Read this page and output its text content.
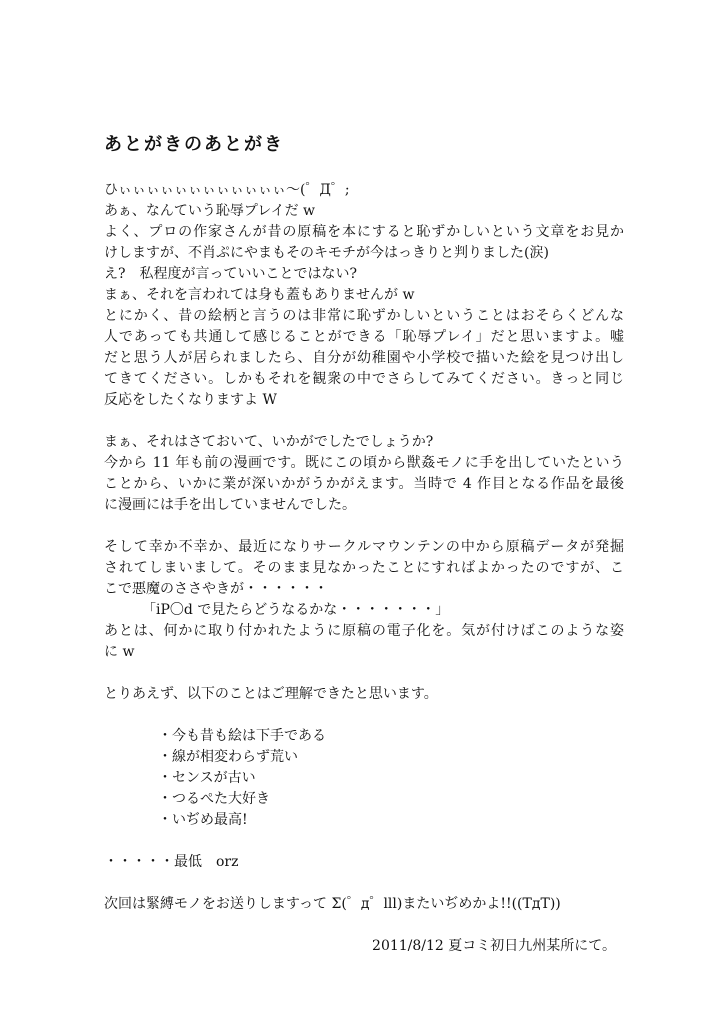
あとがきのあとがき
ひぃぃぃぃぃぃぃぃぃぃぃぃ〜(゜Д゜;
あぁ、なんていう恥辱プレイだ w
よく、プロの作家さんが昔の原稿を本にすると恥ずかしいという文章をお見か
けしますが、不肖ぷにやまもそのキモチが今はっきりと判りました(涙)
え?　私程度が言っていいことではない?
まぁ、それを言われては身も蓋もありませんが w
とにかく、昔の絵柄と言うのは非常に恥ずかしいということはおそらくどんな
人であっても共通して感じることができる「恥辱プレイ」だと思いますよ。嘘
だと思う人が居られましたら、自分が幼稚園や小学校で描いた絵を見つけ出し
てきてください。しかもそれを観衆の中でさらしてみてください。きっと同じ
反応をしたくなりますよ W
まぁ、それはさておいて、いかがでしたでしょうか?
今から 11 年も前の漫画です。既にこの頃から獣姦モノに手を出していたという
ことから、いかに業が深いかがうかがえます。当時で 4 作目となる作品を最後
に漫画には手を出していませんでした。
そして幸か不幸か、最近になりサークルマウンテンの中から原稿データが発掘
されてしまいまして。そのまま見なかったことにすればよかったのですが、こ
こで悪魔のささやきが・・・・・・
「iP〇d で見たらどうなるかな・・・・・・・」
あとは、何かに取り付かれたように原稿の電子化を。気が付けばこのような姿
に w
とりあえず、以下のことはご理解できたと思います。
・今も昔も絵は下手である
・線が相変わらず荒い
・センスが古い
・つるぺた大好き
・いぢめ最高!
・・・・・最低　orz
次回は緊縛モノをお送りしますって Σ(゜д゜lll)またいぢめかよ!!((TдT))
2011/8/12 夏コミ初日九州某所にて。
